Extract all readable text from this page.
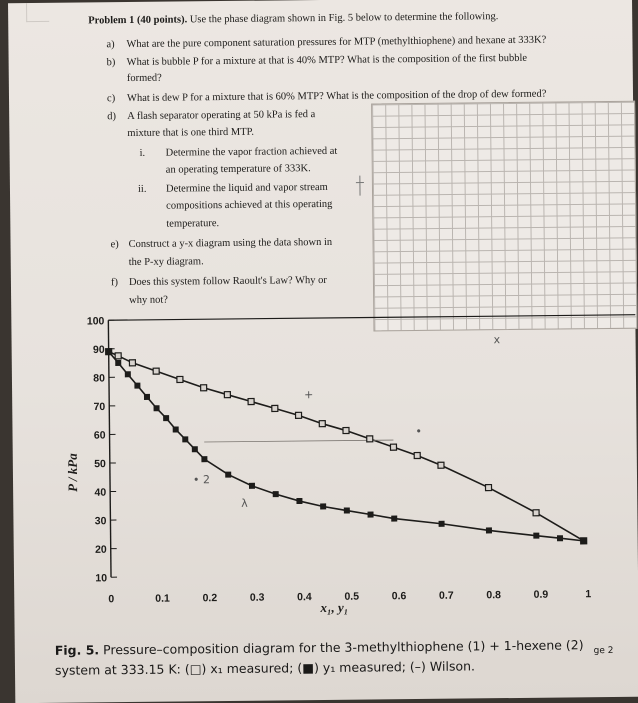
Problem 1 (40 points). Use the phase diagram shown in Fig. 5 below to determine the following.
a) What are the pure component saturation pressures for MTP (methylthiophene) and hexane at 333K?
b) What is bubble P for a mixture at that is 40% MTP? What is the composition of the first bubble
formed?
c) What is dew P for a mixture that is 60% MTP? What is the composition of the drop of dew formed?
d) A flash separator operating at 50 kPa is fed a
mixture that is one third MTP.
i. Determine the vapor fraction achieved at
an operating temperature of 333K.
ii. Determine the liquid and vapor stream
compositions achieved at this operating
temperature.
e) Construct a y-x diagram using the data shown in
the P-xy diagram.
f) Does this system follow Raoult's Law? Why or
why not?
10
20
30
40
50
60
70
80
90
100
0	0.1	0.2	0.3	0.4	0.5	0.6	0.7	0.8	0.9	1
P / kPa
x₁, y₁
x
• 2
λ
+
•
Fig. 5. Pressure–composition diagram for the 3-methylthiophene (1) + 1-hexene (2) $_{ge 2}$
system at 333.15 K: (□) x₁ measured; (■) y₁ measured; (–) Wilson.
